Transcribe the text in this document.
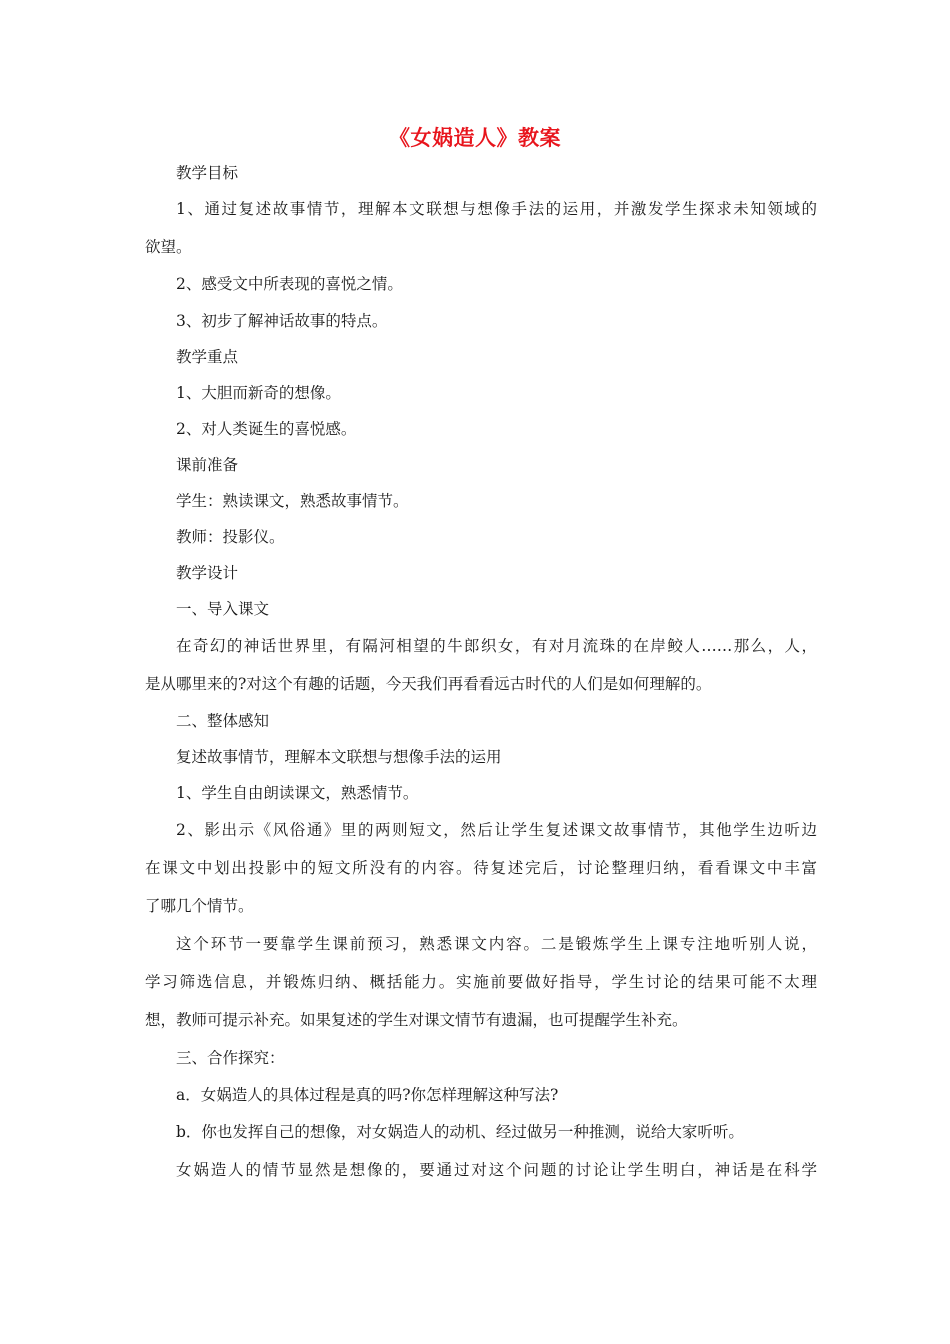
《女娲造人》教案
教学目标
1、通过复述故事情节，理解本文联想与想像手法的运用，并激发学生探求未知领域的
欲望。
2、感受文中所表现的喜悦之情。
3、初步了解神话故事的特点。
教学重点
1、大胆而新奇的想像。
2、对人类诞生的喜悦感。
课前准备
学生：熟读课文，熟悉故事情节。
教师：投影仪。
教学设计
一、导入课文
在奇幻的神话世界里，有隔河相望的牛郎织女，有对月流珠的在岸鲛人……那么，人，
是从哪里来的?对这个有趣的话题，今天我们再看看远古时代的人们是如何理解的。
二、整体感知
复述故事情节，理解本文联想与想像手法的运用
1、学生自由朗读课文，熟悉情节。
2、影出示《风俗通》里的两则短文，然后让学生复述课文故事情节，其他学生边听边
在课文中划出投影中的短文所没有的内容。待复述完后，讨论整理归纳，看看课文中丰富
了哪几个情节。
这个环节一要靠学生课前预习，熟悉课文内容。二是锻炼学生上课专注地听别人说，
学习筛选信息，并锻炼归纳、概括能力。实施前要做好指导，学生讨论的结果可能不太理
想，教师可提示补充。如果复述的学生对课文情节有遗漏，也可提醒学生补充。
三、合作探究：
a．女娲造人的具体过程是真的吗?你怎样理解这种写法?
b．你也发挥自己的想像，对女娲造人的动机、经过做另一种推测，说给大家听听。
女娲造人的情节显然是想像的，要通过对这个问题的讨论让学生明白，神话是在科学
